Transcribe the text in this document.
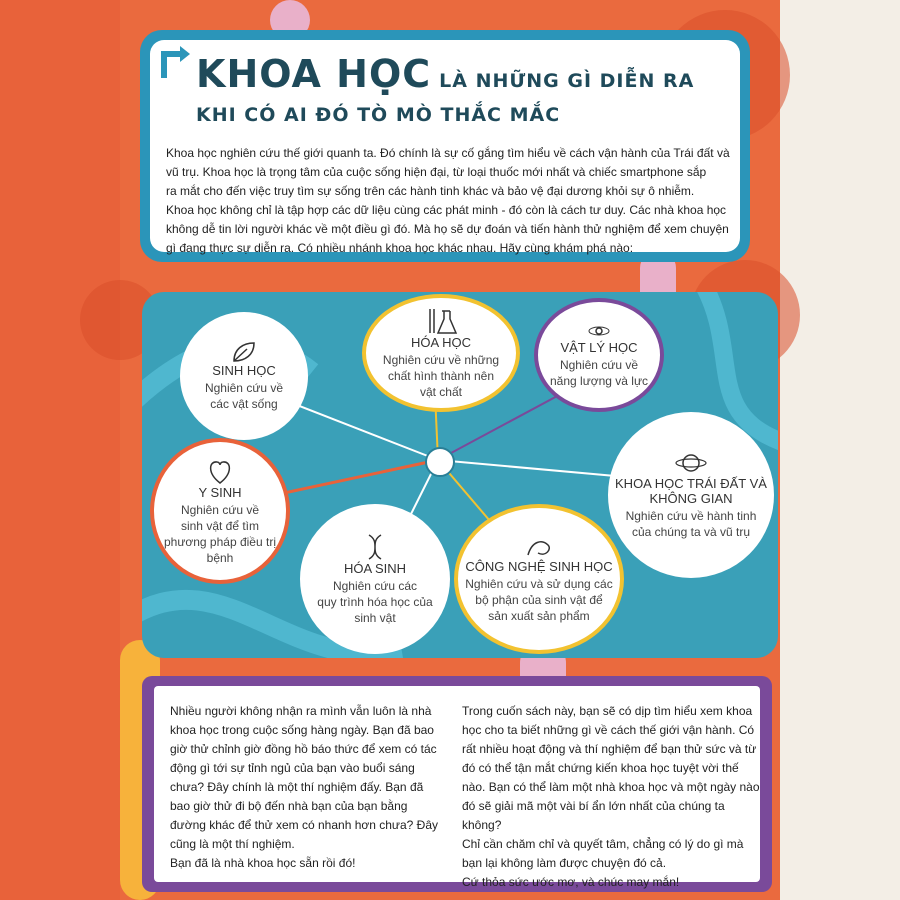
KHOA HỌC LÀ NHỮNG GÌ DIỄN RA
KHI CÓ AI ĐÓ TÒ MÒ THẮC MẮC
Khoa học nghiên cứu thế giới quanh ta. Đó chính là sự cố gắng tìm hiểu về cách vận hành của Trái đất và
vũ trụ. Khoa học là trọng tâm của cuộc sống hiện đại, từ loại thuốc mới nhất và chiếc smartphone sắp
ra mắt cho đến việc truy tìm sự sống trên các hành tinh khác và bảo vệ đại dương khỏi sự ô nhiễm.
Khoa học không chỉ là tập hợp các dữ liệu cùng các phát minh - đó còn là cách tư duy. Các nhà khoa học
không dễ tin lời người khác về một điều gì đó. Mà họ sẽ dự đoán và tiến hành thử nghiệm để xem chuyện
gì đang thực sự diễn ra. Có nhiều nhánh khoa học khác nhau. Hãy cùng khám phá nào:
SINH HỌC
Nghiên cứu về
các vật sống
HÓA HỌC
Nghiên cứu về những
chất hình thành nên
vật chất
VẬT LÝ HỌC
Nghiên cứu về
năng lượng và lực
KHOA HỌC TRÁI ĐẤT VÀ
KHÔNG GIAN
Nghiên cứu về hành tinh
của chúng ta và vũ trụ
CÔNG NGHỆ SINH HỌC
Nghiên cứu và sử dụng các
bộ phận của sinh vật để
sản xuất sản phẩm
HÓA SINH
Nghiên cứu các
quy trình hóa học của
sinh vật
Y SINH
Nghiên cứu về
sinh vật để tìm
phương pháp điều trị
bệnh

Nhiều người không nhận ra mình vẫn luôn là nhà

khoa học trong cuộc sống hàng ngày. Bạn đã bao

giờ thử chỉnh giờ đồng hồ báo thức để xem có tác

động gì tới sự tỉnh ngủ của bạn vào buổi sáng

chưa? Đây chính là một thí nghiệm đấy. Bạn đã

bao giờ thử đi bộ đến nhà bạn của bạn bằng

đường khác để thử xem có nhanh hơn chưa? Đây

cũng là một thí nghiệm.

Bạn đã là nhà khoa học sẵn rồi đó!

Trong cuốn sách này, bạn sẽ có dịp tìm hiểu xem khoa

học cho ta biết những gì về cách thế giới vận hành. Có

rất nhiều hoạt động và thí nghiệm để bạn thử sức và từ

đó có thể tận mắt chứng kiến khoa học tuyệt vời thế

nào. Bạn có thể làm một nhà khoa học và một ngày nào

đó sẽ giải mã một vài bí ẩn lớn nhất của chúng ta không?

Chỉ cần chăm chỉ và quyết tâm, chẳng có lý do gì mà

bạn lại không làm được chuyện đó cả.

Cứ thỏa sức ước mơ, và chúc may mắn!
